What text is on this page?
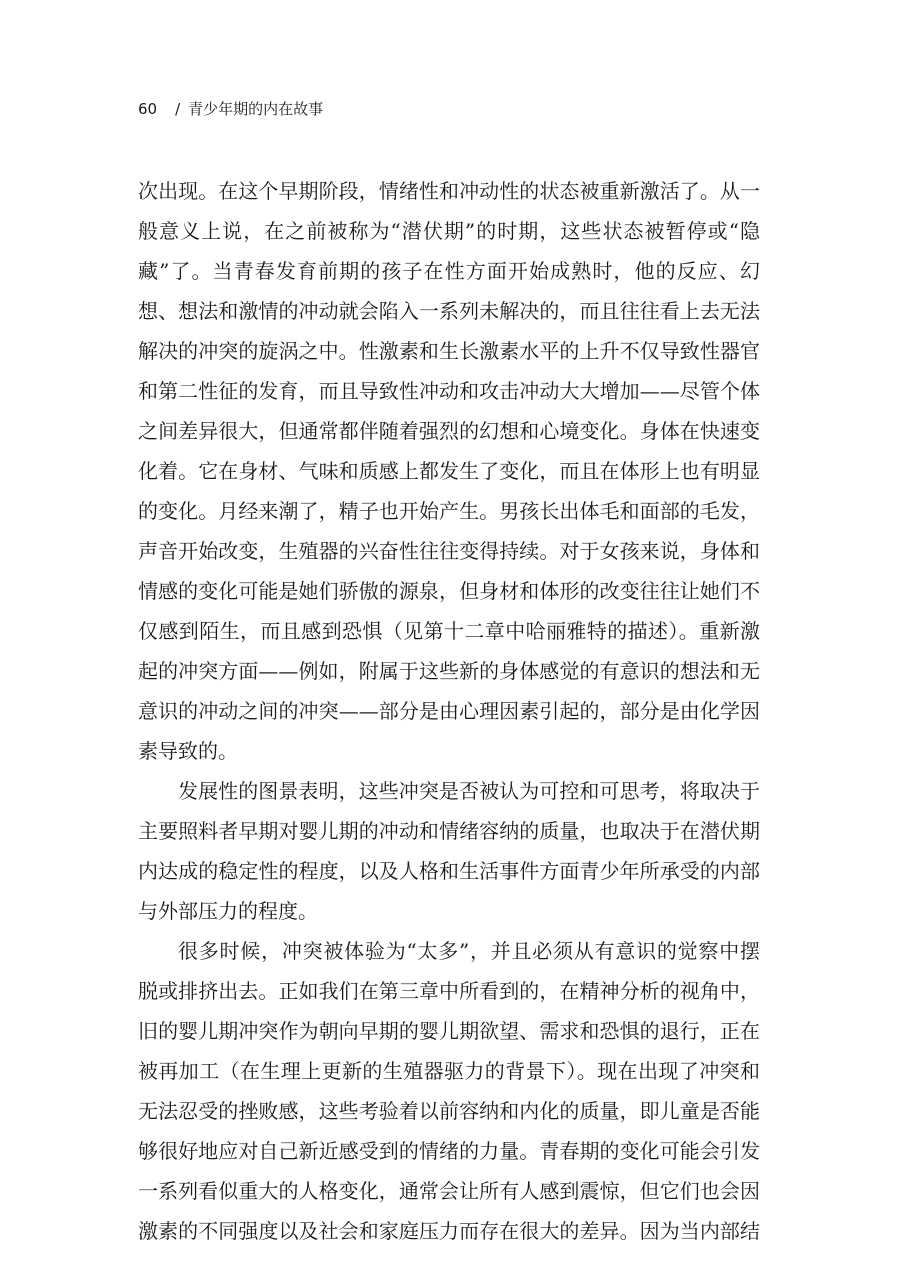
60 / 青少年期的内在故事
次出现。在这个早期阶段，情绪性和冲动性的状态被重新激活了。从一
般意义上说，在之前被称为“潜伏期”的时期，这些状态被暂停或“隐
藏”了。当青春发育前期的孩子在性方面开始成熟时，他的反应、幻
想、想法和激情的冲动就会陷入一系列未解决的，而且往往看上去无法
解决的冲突的旋涡之中。性激素和生长激素水平的上升不仅导致性器官
和第二性征的发育，而且导致性冲动和攻击冲动大大增加——尽管个体
之间差异很大，但通常都伴随着强烈的幻想和心境变化。身体在快速变
化着。它在身材、气味和质感上都发生了变化，而且在体形上也有明显
的变化。月经来潮了，精子也开始产生。男孩长出体毛和面部的毛发，
声音开始改变，生殖器的兴奋性往往变得持续。对于女孩来说，身体和
情感的变化可能是她们骄傲的源泉，但身材和体形的改变往往让她们不
仅感到陌生，而且感到恐惧（见第十二章中哈丽雅特的描述）。重新激
起的冲突方面——例如，附属于这些新的身体感觉的有意识的想法和无
意识的冲动之间的冲突——部分是由心理因素引起的，部分是由化学因
素导致的。
发展性的图景表明，这些冲突是否被认为可控和可思考，将取决于
主要照料者早期对婴儿期的冲动和情绪容纳的质量，也取决于在潜伏期
内达成的稳定性的程度，以及人格和生活事件方面青少年所承受的内部
与外部压力的程度。
很多时候，冲突被体验为“太多”，并且必须从有意识的觉察中摆
脱或排挤出去。正如我们在第三章中所看到的，在精神分析的视角中，
旧的婴儿期冲突作为朝向早期的婴儿期欲望、需求和恐惧的退行，正在
被再加工（在生理上更新的生殖器驱力的背景下）。现在出现了冲突和
无法忍受的挫败感，这些考验着以前容纳和内化的质量，即儿童是否能
够很好地应对自己新近感受到的情绪的力量。青春期的变化可能会引发
一系列看似重大的人格变化，通常会让所有人感到震惊，但它们也会因
激素的不同强度以及社会和家庭压力而存在很大的差异。因为当内部结
